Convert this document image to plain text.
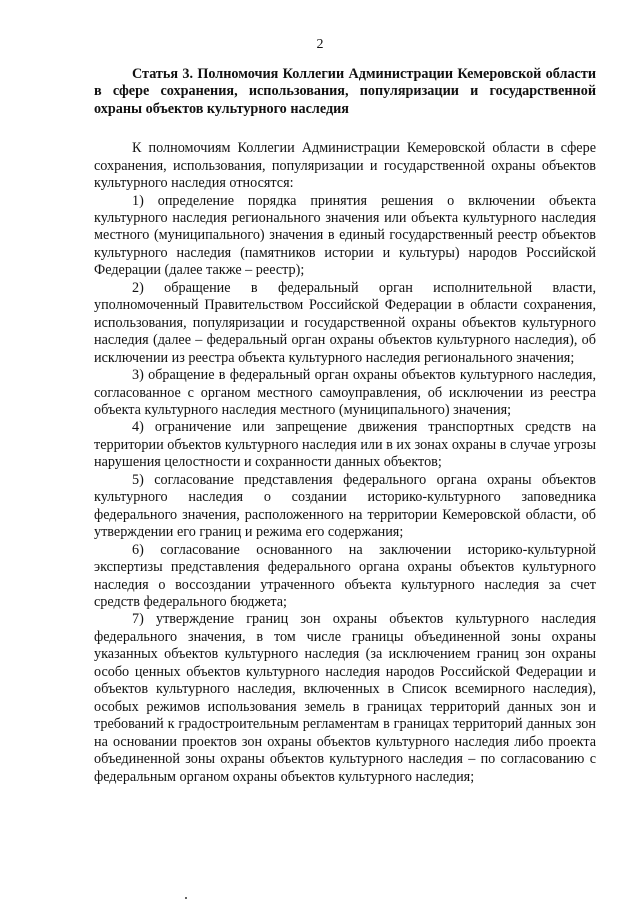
2

Статья 3. Полномочия Коллегии Администрации Кемеровской области в сфере сохранения, использования, популяризации и государственной охраны объектов культурного наследия

К полномочиям Коллегии Администрации Кемеровской области в сфере сохранения, использования, популяризации и государственной охраны объектов культурного наследия относятся:

1) определение порядка принятия решения о включении объекта культурного наследия регионального значения или объекта культурного наследия местного (муниципального) значения в единый государственный реестр объектов культурного наследия (памятников истории и культуры) народов Российской Федерации (далее также – реестр);

2) обращение в федеральный орган исполнительной власти, уполномоченный Правительством Российской Федерации в области сохранения, использования, популяризации и государственной охраны объектов культурного наследия (далее – федеральный орган охраны объектов культурного наследия), об исключении из реестра объекта культурного наследия регионального значения;

3) обращение в федеральный орган охраны объектов культурного наследия, согласованное с органом местного самоуправления, об исключении из реестра объекта культурного наследия местного (муниципального) значения;

4) ограничение или запрещение движения транспортных средств на территории объектов культурного наследия или в их зонах охраны в случае угрозы нарушения целостности и сохранности данных объектов;

5) согласование представления федерального органа охраны объектов культурного наследия о создании историко-культурного заповедника федерального значения, расположенного на территории Кемеровской области, об утверждении его границ и режима его содержания;

6) согласование основанного на заключении историко-культурной экспертизы представления федерального органа охраны объектов культурного наследия о воссоздании утраченного объекта культурного наследия за счет средств федерального бюджета;

7) утверждение границ зон охраны объектов культурного наследия федерального значения, в том числе границы объединенной зоны охраны указанных объектов культурного наследия (за исключением границ зон охраны особо ценных объектов культурного наследия народов Российской Федерации и объектов культурного наследия, включенных в Список всемирного наследия), особых режимов использования земель в границах территорий данных зон и требований к градостроительным регламентам в границах территорий данных зон на основании проектов зон охраны объектов культурного наследия либо проекта объединенной зоны охраны объектов культурного наследия – по согласованию с федеральным органом охраны объектов культурного наследия;
